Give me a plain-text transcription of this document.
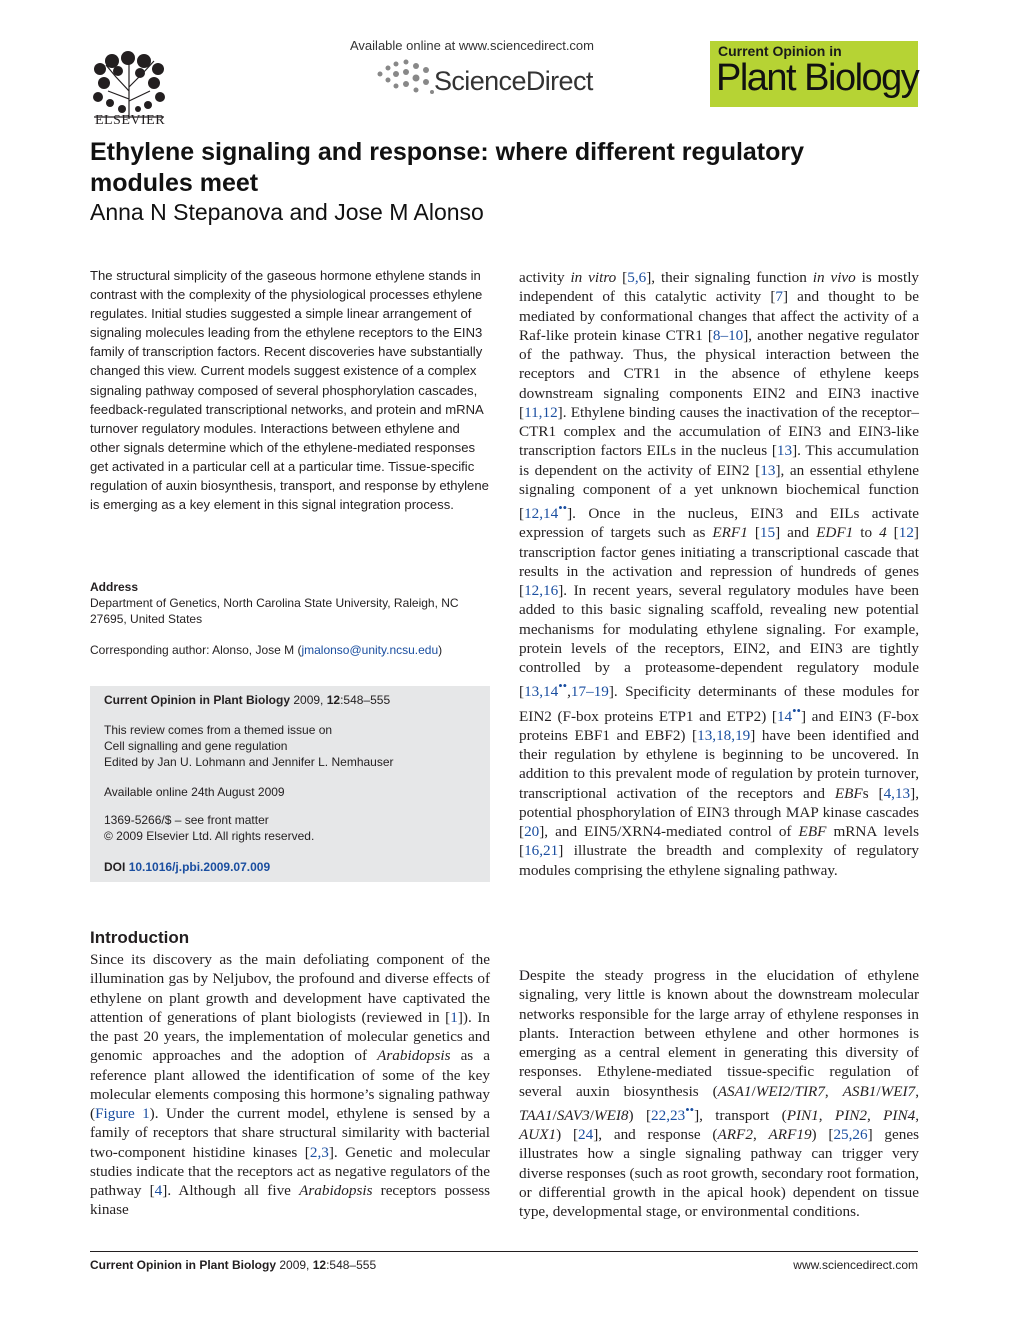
ELSEVIER
Available online at www.sciencedirect.com
ScienceDirect
Current Opinion in
Plant Biology
Ethylene signaling and response: where different regulatory modules meet
Anna N Stepanova and Jose M Alonso
The structural simplicity of the gaseous hormone ethylene stands in contrast with the complexity of the physiological processes ethylene regulates. Initial studies suggested a simple linear arrangement of signaling molecules leading from the ethylene receptors to the EIN3 family of transcription factors. Recent discoveries have substantially changed this view. Current models suggest existence of a complex signaling pathway composed of several phosphorylation cascades, feedback-regulated transcriptional networks, and protein and mRNA turnover regulatory modules. Interactions between ethylene and other signals determine which of the ethylene-mediated responses get activated in a particular cell at a particular time. Tissue-specific regulation of auxin biosynthesis, transport, and response by ethylene is emerging as a key element in this signal integration process.
Address
Department of Genetics, North Carolina State University, Raleigh, NC 27695, United States
Corresponding author: Alonso, Jose M (jmalonso@unity.ncsu.edu)
Current Opinion in Plant Biology 2009, 12:548–555
This review comes from a themed issue on
Cell signalling and gene regulation
Edited by Jan U. Lohmann and Jennifer L. Nemhauser
Available online 24th August 2009
1369-5266/$ – see front matter
© 2009 Elsevier Ltd. All rights reserved.
DOI 10.1016/j.pbi.2009.07.009
Introduction
Since its discovery as the main defoliating component of the illumination gas by Neljubov, the profound and diverse effects of ethylene on plant growth and development have captivated the attention of generations of plant biologists (reviewed in [1]). In the past 20 years, the implementation of molecular genetics and genomic approaches and the adoption of Arabidopsis as a reference plant allowed the identification of some of the key molecular elements composing this hormone’s signaling pathway (Figure 1). Under the current model, ethylene is sensed by a family of receptors that share structural similarity with bacterial two-component histidine kinases [2,3]. Genetic and molecular studies indicate that the receptors act as negative regulators of the pathway [4]. Although all five Arabidopsis receptors possess kinase
activity in vitro [5,6], their signaling function in vivo is mostly independent of this catalytic activity [7] and thought to be mediated by conformational changes that affect the activity of a Raf-like protein kinase CTR1 [8–10], another negative regulator of the pathway. Thus, the physical interaction between the receptors and CTR1 in the absence of ethylene keeps downstream signaling components EIN2 and EIN3 inactive [11,12]. Ethylene binding causes the inactivation of the receptor–CTR1 complex and the accumulation of EIN3 and EIN3-like transcription factors EILs in the nucleus [13]. This accumulation is dependent on the activity of EIN2 [13], an essential ethylene signaling component of a yet unknown biochemical function [12,14••]. Once in the nucleus, EIN3 and EILs activate expression of targets such as ERF1 [15] and EDF1 to 4 [12] transcription factor genes initiating a transcriptional cascade that results in the activation and repression of hundreds of genes [12,16]. In recent years, several regulatory modules have been added to this basic signaling scaffold, revealing new potential mechanisms for modulating ethylene signaling. For example, protein levels of the receptors, EIN2, and EIN3 are tightly controlled by a proteasome-dependent regulatory module [13,14••,17–19]. Specificity determinants of these modules for EIN2 (F-box proteins ETP1 and ETP2) [14••] and EIN3 (F-box proteins EBF1 and EBF2) [13,18,19] have been identified and their regulation by ethylene is beginning to be uncovered. In addition to this prevalent mode of regulation by protein turnover, transcriptional activation of the receptors and EBFs [4,13], potential phosphorylation of EIN3 through MAP kinase cascades [20], and EIN5/XRN4-mediated control of EBF mRNA levels [16,21] illustrate the breadth and complexity of regulatory modules comprising the ethylene signaling pathway.
Despite the steady progress in the elucidation of ethylene signaling, very little is known about the downstream molecular networks responsible for the large array of ethylene responses in plants. Interaction between ethylene and other hormones is emerging as a central element in generating this diversity of responses. Ethylene-mediated tissue-specific regulation of several auxin biosynthesis (ASA1/WEI2/TIR7, ASB1/WEI7, TAA1/SAV3/WEI8) [22,23••], transport (PIN1, PIN2, PIN4, AUX1) [24], and response (ARF2, ARF19) [25,26] genes illustrates how a single signaling pathway can trigger very diverse responses (such as root growth, secondary root formation, or differential growth in the apical hook) dependent on tissue type, developmental stage, or environmental conditions.
Current Opinion in Plant Biology 2009, 12:548–555	www.sciencedirect.com
